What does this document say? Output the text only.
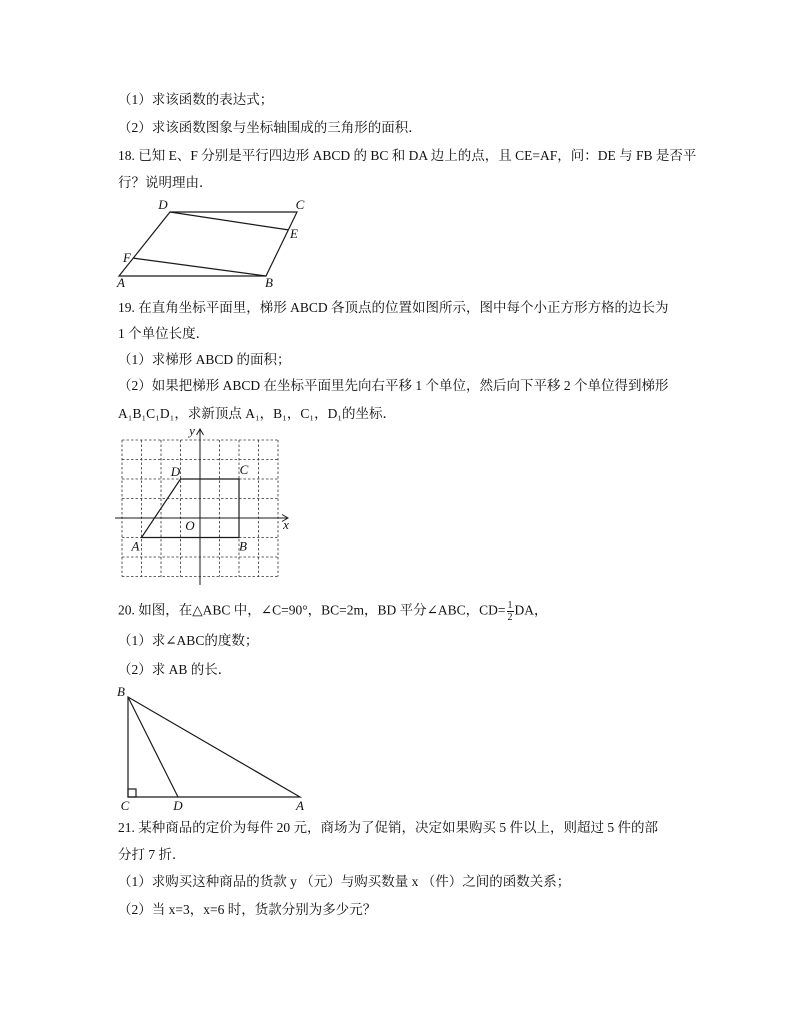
（1）求该函数的表达式；
（2）求该函数图象与坐标轴围成的三角形的面积．
18. 已知 E、F 分别是平行四边形 ABCD 的 BC 和 DA 边上的点，且 CE=AF，问：DE 与 FB 是否平
行？说明理由．
D	C
E
F
A	B
19. 在直角坐标平面里，梯形 ABCD 各顶点的位置如图所示，图中每个小正方形方格的边长为
1 个单位长度．
（1）求梯形 ABCD 的面积；
（2）如果把梯形 ABCD 在坐标平面里先向右平移 1 个单位，然后向下平移 2 个单位得到梯形
A₁B₁C₁D₁，求新顶点 A₁，B₁，C₁，D₁的坐标．
y
x
O
A	B
C
D
20. 如图，在△ABC 中，∠C=90°，BC=2m，BD 平分∠ABC，$CD= \frac{1}{2}$ DA，
（1）求∠ABC的度数；
（2）求 AB 的长．
B
C	D	A
21. 某种商品的定价为每件 20 元，商场为了促销，决定如果购买 5 件以上，则超过 5 件的部
分打 7 折．
（1）求购买这种商品的货款 y （元）与购买数量 x （件）之间的函数关系；
（2）当 x=3，x=6 时，货款分别为多少元？
